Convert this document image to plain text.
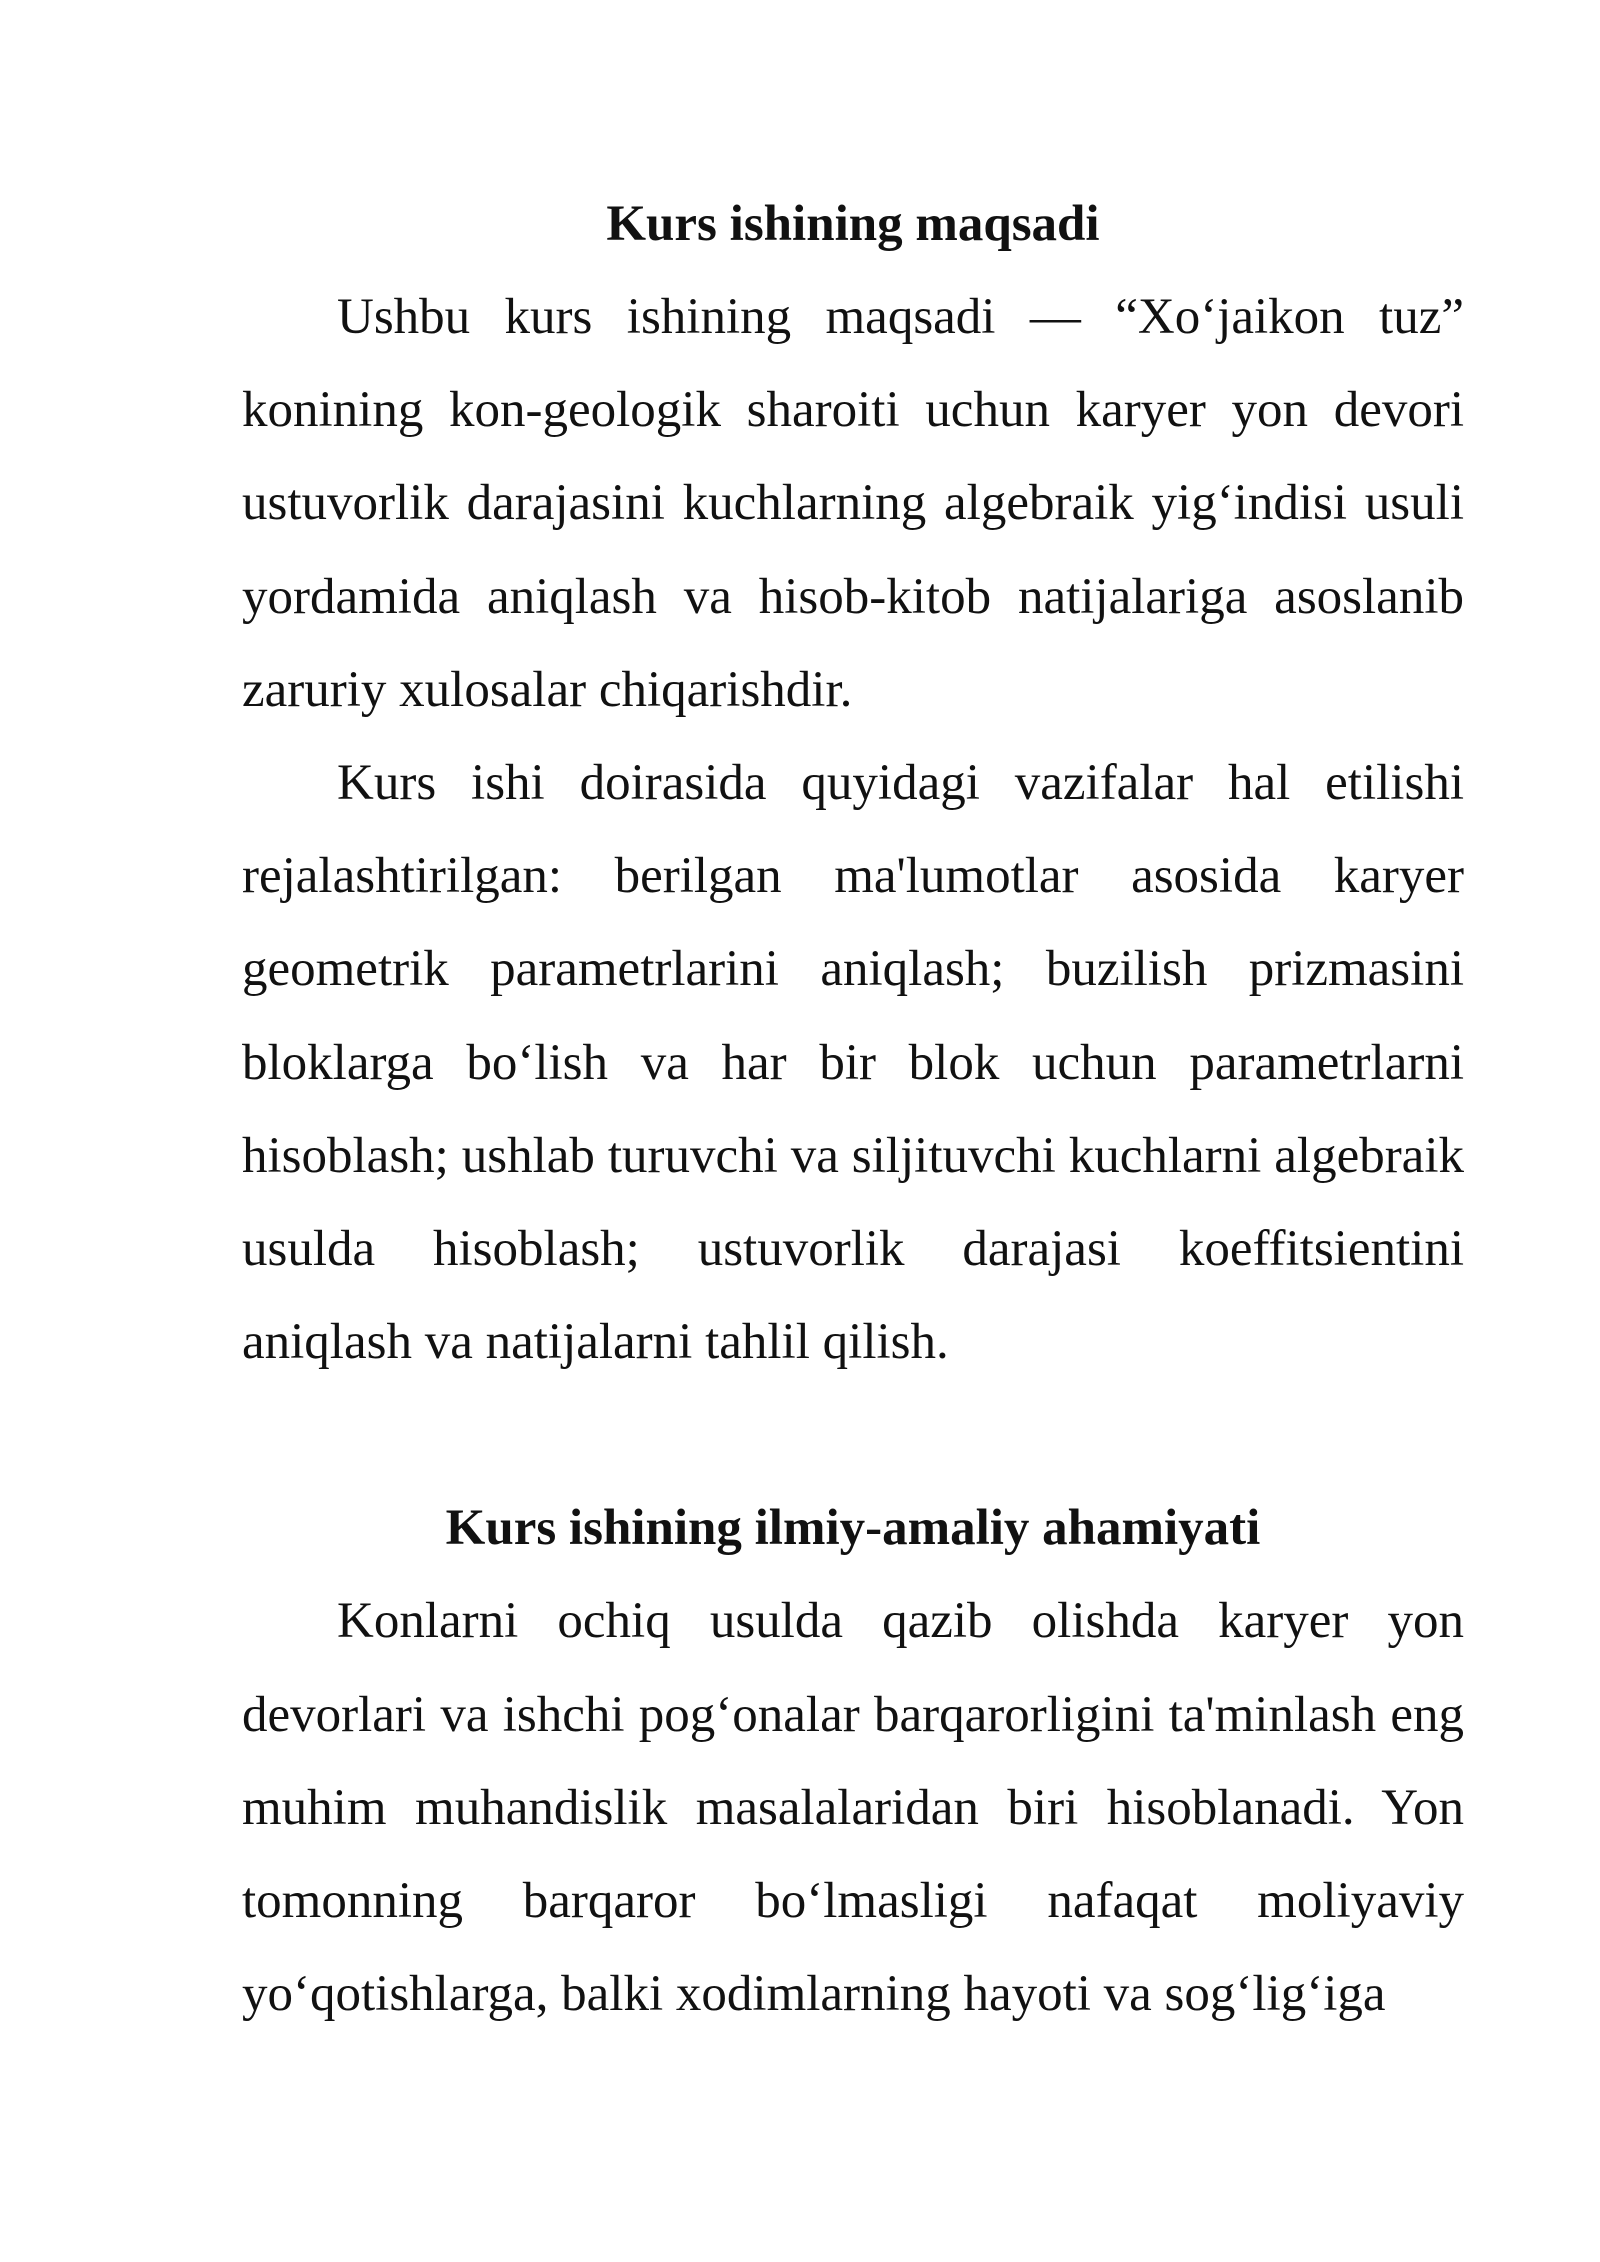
Kurs ishining maqsadi

Ushbu kurs ishining maqsadi — “Xo‘jaikon tuz” konining kon-geologik sharoiti uchun karyer yon devori ustuvorlik darajasini kuchlarning algebraik yig‘indisi usuli yordamida aniqlash va hisob-kitob natijalariga asoslanib zaruriy xulosalar chiqarishdir.

Kurs ishi doirasida quyidagi vazifalar hal etilishi rejalashtirilgan: berilgan ma'lumotlar asosida karyer geometrik parametrlarini aniqlash; buzilish prizmasini bloklarga bo‘lish va har bir blok uchun parametrlarni hisoblash; ushlab turuvchi va siljituvchi kuchlarni algebraik usulda hisoblash; ustuvorlik darajasi koeffitsientini aniqlash va natijalarni tahlil qilish.

Kurs ishining ilmiy-amaliy ahamiyati

Konlarni ochiq usulda qazib olishda karyer yon devorlari va ishchi pog‘onalar barqarorligini ta'minlash eng muhim muhandislik masalalaridan biri hisoblanadi. Yon tomonning barqaror bo‘lmasligi nafaqat moliyaviy yo‘qotishlarga, balki xodimlarning hayoti va sog‘lig‘iga
